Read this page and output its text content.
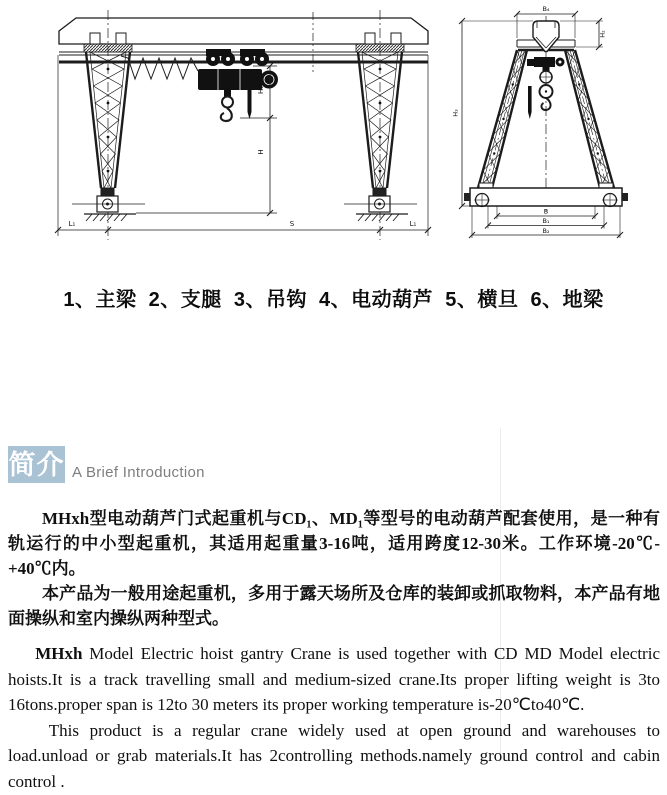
H₁
H
L₁	S	L₁
B₄
H₂
H₃
B
B₁
B₂
1、主梁  2、支腿  3、吊钩  4、电动葫芦  5、横旦  6、地梁
简介 A Brief Introduction

MHxh型电动葫芦门式起重机与CD₁、MD₁等型号的电动葫芦配套使用，是一种有轨运行的中小型起重机，其适用起重量3-16吨，适用跨度12-30米。工作环境-20℃-+40℃内。

本产品为一般用途起重机，多用于露天场所及仓库的装卸或抓取物料，本产品有地面操纵和室内操纵两种型式。

MHxh Model Electric hoist gantry Crane is used together with CD MD Model electric hoists.It is a track travelling small and medium-sized crane.Its proper lifting weight is 3to 16tons.proper span is 12to 30 meters its proper working temperature is-20℃to40℃.

This product is a regular crane widely used at open ground and warehouses to load.unload or grab materials.It has 2controlling methods.namely ground control and cabin control .
